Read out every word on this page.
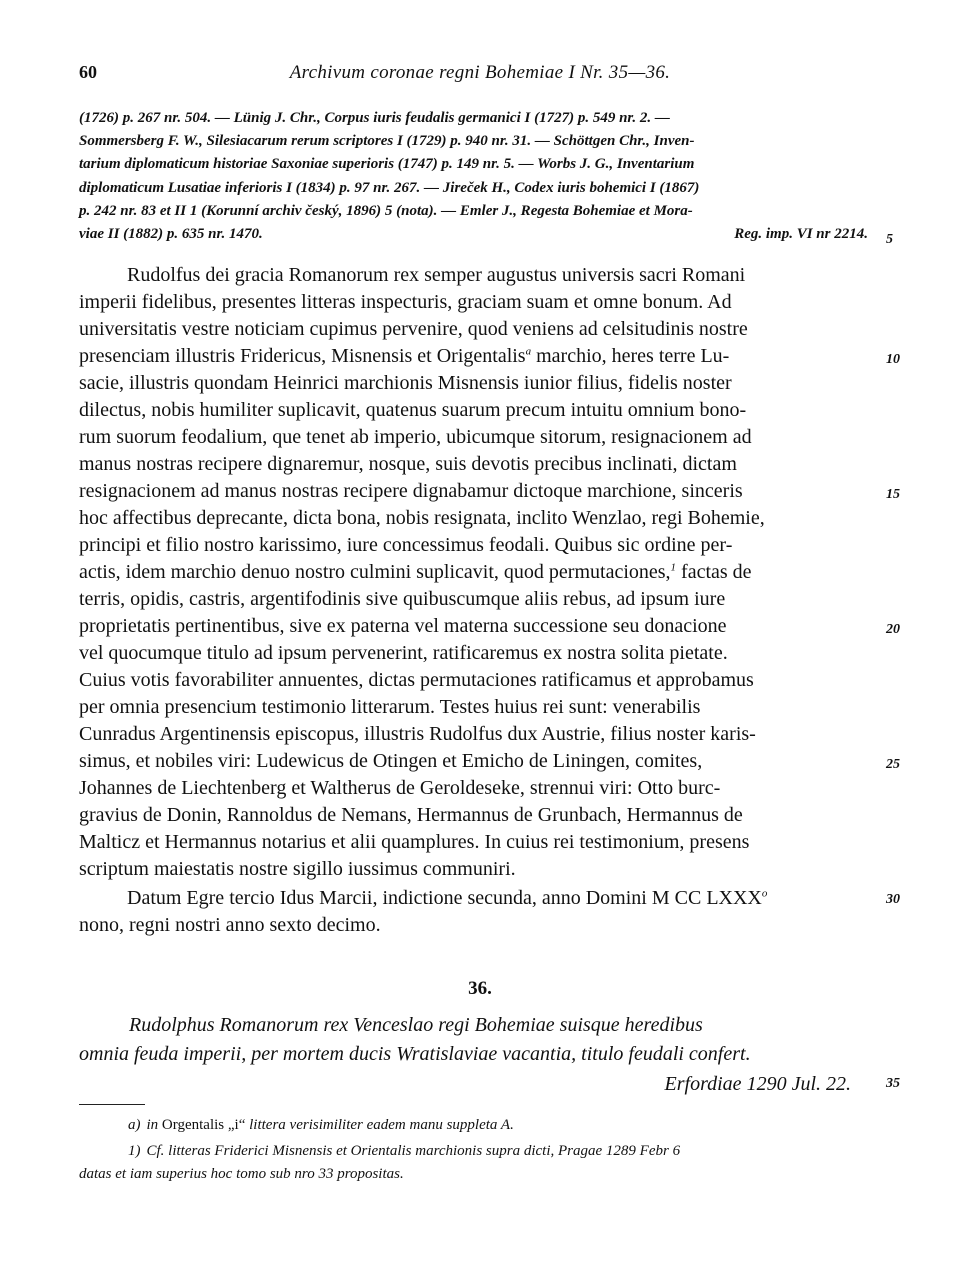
60	Archivum coronae regni Bohemiae I Nr. 35—36.
(1726) p. 267 nr. 504. — Lünig J. Chr., Corpus iuris feudalis germanici I (1727) p. 549 nr. 2. —
Sommersberg F. W., Silesiacarum rerum scriptores I (1729) p. 940 nr. 31. — Schöttgen Chr., Inven-
tarium diplomaticum historiae Saxoniae superioris (1747) p. 149 nr. 5. — Worbs J. G., Inventarium
diplomaticum Lusatiae inferioris I (1834) p. 97 nr. 267. — Jireček H., Codex iuris bohemici I (1867)
p. 242 nr. 83 et II 1 (Korunní archiv český, 1896) 5 (nota). — Emler J., Regesta Bohemiae et Mora-
viae II (1882) p. 635 nr. 1470.	Reg. imp. VI nr 2214.
Rudolfus dei gracia Romanorum rex semper augustus universis sacri Romani
imperii fidelibus, presentes litteras inspecturis, graciam suam et omne bonum. Ad
universitatis vestre noticiam cupimus pervenire, quod veniens ad celsitudinis nostre
presenciam illustris Fridericus, Misnensis et Origentalis$^a$ marchio, heres terre Lu-
sacie, illustris quondam Heinrici marchionis Misnensis iunior filius, fidelis noster
dilectus, nobis humiliter suplicavit, quatenus suarum precum intuitu omnium bono-
rum suorum feodalium, que tenet ab imperio, ubicumque sitorum, resignacionem ad
manus nostras recipere dignaremur, nosque, suis devotis precibus inclinati, dictam
resignacionem ad manus nostras recipere dignabamur dictoque marchione, sinceris
hoc affectibus deprecante, dicta bona, nobis resignata, inclito Wenzlao, regi Bohemie,
principi et filio nostro karissimo, iure concessimus feodali. Quibus sic ordine per-
actis, idem marchio denuo nostro culmini suplicavit, quod permutaciones,$^1$ factas de
terris, opidis, castris, argentifodinis sive quibuscumque aliis rebus, ad ipsum iure
proprietatis pertinentibus, sive ex paterna vel materna successione seu donacione
vel quocumque titulo ad ipsum pervenerint, ratificaremus ex nostra solita pietate.
Cuius votis favorabiliter annuentes, dictas permutaciones ratificamus et approbamus
per omnia presencium testimonio litterarum. Testes huius rei sunt: venerabilis
Cunradus Argentinensis episcopus, illustris Rudolfus dux Austrie, filius noster karis-
simus, et nobiles viri: Ludewicus de Otingen et Emicho de Liningen, comites,
Johannes de Liechtenberg et Waltherus de Geroldeseke, strennui viri: Otto burc-
gravius de Donin, Rannoldus de Nemans, Hermannus de Grunbach, Hermannus de
Malticz et Hermannus notarius et alii quamplures. In cuius rei testimonium, presens
scriptum maiestatis nostre sigillo iussimus communiri.
Datum Egre tercio Idus Marcii, indictione secunda, anno Domini M CC LXXX$^o$
nono, regni nostri anno sexto decimo.
5
10
15
20
25
30
35
36.
Rudolphus Romanorum rex Venceslao regi Bohemiae suisque heredibus
omnia feuda imperii, per mortem ducis Wratislaviae vacantia, titulo feudali confert.
Erfordiae 1290 Jul. 22.
a) in Orgentalis „i“ littera verisimiliter eadem manu suppleta A.
1) Cf. litteras Friderici Misnensis et Orientalis marchionis supra dicti, Pragae 1289 Febr 6
datas et iam superius hoc tomo sub nro 33 propositas.
